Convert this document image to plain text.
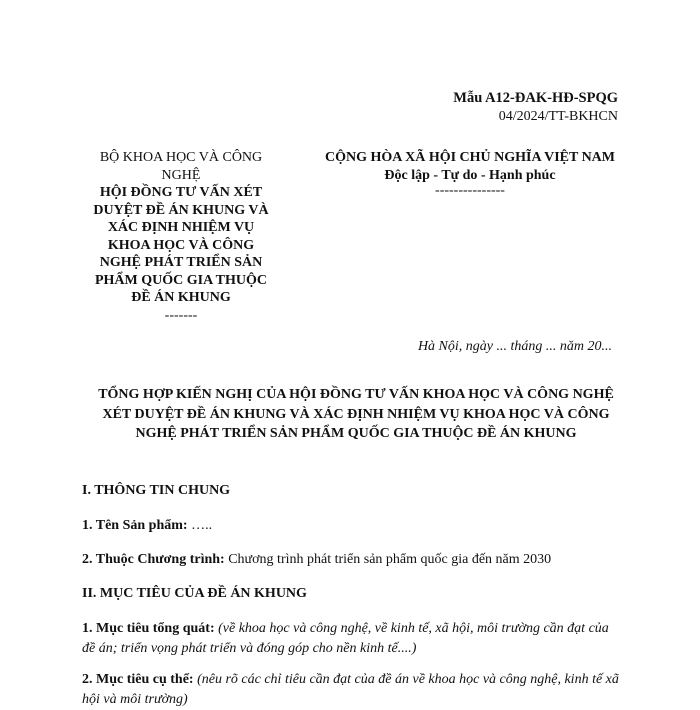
Mẫu A12-ĐAK-HĐ-SPQG
04/2024/TT-BKHCN
BỘ KHOA HỌC VÀ CÔNG NGHỆ
HỘI ĐỒNG TƯ VẤN XÉT DUYỆT ĐỀ ÁN KHUNG VÀ XÁC ĐỊNH NHIỆM VỤ KHOA HỌC VÀ CÔNG NGHỆ PHÁT TRIỂN SẢN PHẨM QUỐC GIA THUỘC ĐỀ ÁN KHUNG
-------
CỘNG HÒA XÃ HỘI CHỦ NGHĨA VIỆT NAM
Độc lập - Tự do - Hạnh phúc
---------------
Hà Nội, ngày ... tháng ... năm 20...
TỔNG HỢP KIẾN NGHỊ CỦA HỘI ĐỒNG TƯ VẤN KHOA HỌC VÀ CÔNG NGHỆ XÉT DUYỆT ĐỀ ÁN KHUNG VÀ XÁC ĐỊNH NHIỆM VỤ KHOA HỌC VÀ CÔNG NGHỆ PHÁT TRIỂN SẢN PHẨM QUỐC GIA THUỘC ĐỀ ÁN KHUNG
I. THÔNG TIN CHUNG
1. Tên Sản phẩm: …..
2. Thuộc Chương trình: Chương trình phát triển sản phẩm quốc gia đến năm 2030
II. MỤC TIÊU CỦA ĐỀ ÁN KHUNG
1. Mục tiêu tổng quát: (về khoa học và công nghệ, về kinh tế, xã hội, môi trường cần đạt của đề án; triển vọng phát triển và đóng góp cho nền kinh tế....)
2. Mục tiêu cụ thể: (nêu rõ các chỉ tiêu cần đạt của đề án về khoa học và công nghệ, kinh tế xã hội và môi trường)
